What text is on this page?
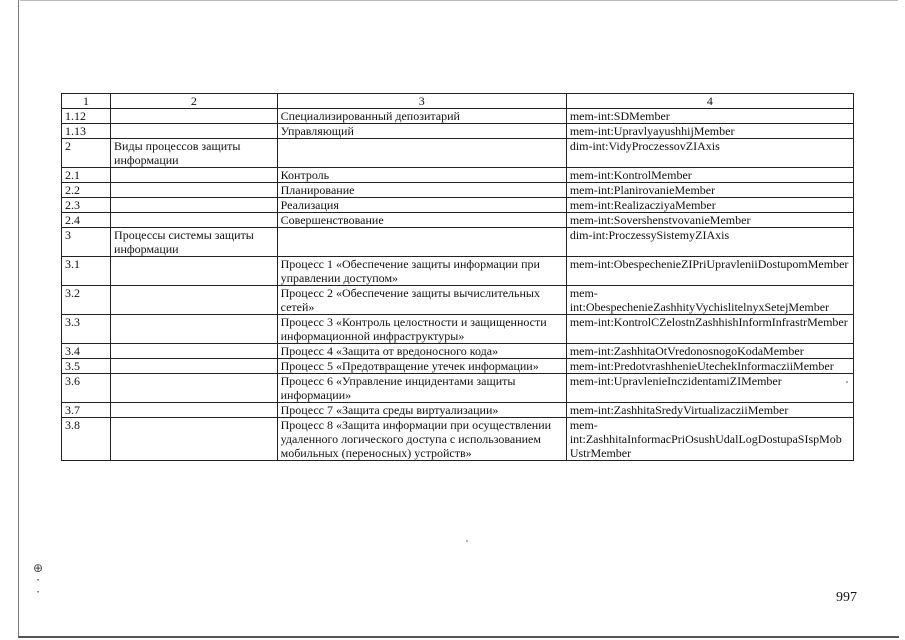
1	2	3	4
1.12		Специализированный депозитарий	mem-int:SDMember
1.13		Управляющий	mem-int:UpravlyayushhijMember
2	Виды процессов защиты информации		dim-int:VidyProczessovZIAxis
2.1		Контроль	mem-int:KontrolMember
2.2		Планирование	mem-int:PlanirovanieMember
2.3		Реализация	mem-int:RealizacziyaMember
2.4		Совершенствование	mem-int:SovershenstvovanieMember
3	Процессы системы защиты информации		dim-int:ProczessySistemyZIAxis
3.1		Процесс 1 «Обеспечение защиты информации при управлении доступом»	mem-int:ObespechenieZIPriUpravleniiDostupomMember
3.2		Процесс 2 «Обеспечение защиты вычислительных сетей»	mem-int:ObespechenieZashhityVychislitelnyxSetejMember
3.3		Процесс 3 «Контроль целостности и защищенности информационной инфраструктуры»	mem-int:KontrolCZelostnZashhishInformInfrastrMember
3.4		Процесс 4 «Защита от вредоносного кода»	mem-int:ZashhitaOtVredonosnogoKodaMember
3.5		Процесс 5 «Предотвращение утечек информации»	mem-int:PredotvrashhenieUtechekInformacziiMember
3.6		Процесс 6 «Управление инцидентами защиты информации»	mem-int:UpravlenieInczidentamiZIMember
3.7		Процесс 7 «Защита среды виртуализации»	mem-int:ZashhitaSredyVirtualizacziiMember
3.8		Процесс 8 «Защита информации при осуществлении удаленного логического доступа с использованием мобильных (переносных) устройств»	mem-int:ZashhitaInformacPriOsushUdalLogDostupaSIspMobUstrMember
⊕
·
·	997
